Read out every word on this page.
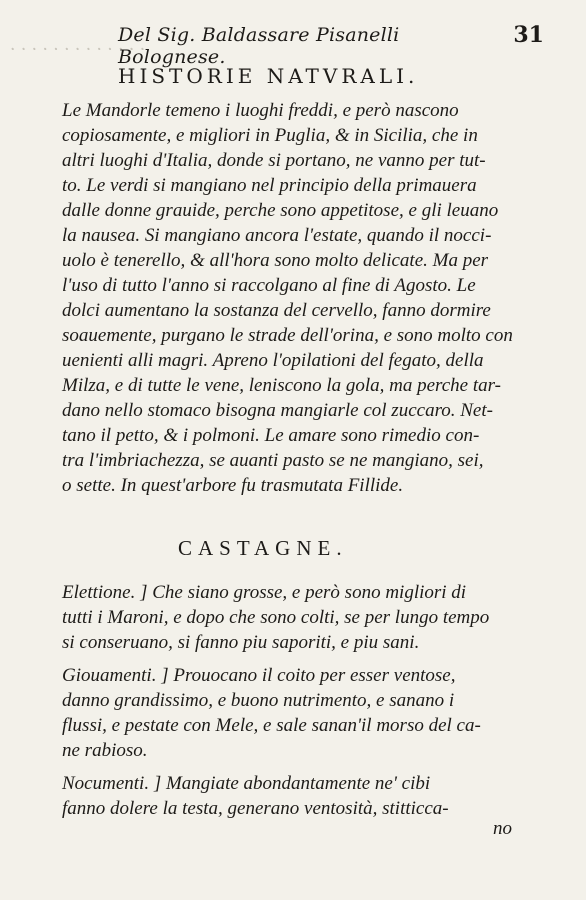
· · · · · · · · · · · · ·
Del Sig. Baldassare Pisanelli Bolognese.
31
HISTORIE NATVRALI.
Le Mandorle temeno i luoghi freddi, e però nascono
copiosamente, e migliori in Puglia, & in Sicilia, che in
altri luoghi d'Italia, donde si portano, ne vanno per tut-
to. Le verdi si mangiano nel principio della primauera
dalle donne grauide, perche sono appetitose, e gli leuano
la nausea. Si mangiano ancora l'estate, quando il nocci-
uolo è tenerello, & all'hora sono molto delicate. Ma per
l'uso di tutto l'anno si raccolgano al fine di Agosto. Le
dolci aumentano la sostanza del cervello, fanno dormire
soauemente, purgano le strade dell'orina, e sono molto con
uenienti alli magri. Apreno l'opilationi del fegato, della
Milza, e di tutte le vene, leniscono la gola, ma perche tar-
dano nello stomaco bisogna mangiarle col zuccaro. Net-
tano il petto, & i polmoni. Le amare sono rimedio con-
tra l'imbriachezza, se auanti pasto se ne mangiano, sei,
o sette. In quest'arbore fu trasmutata Fillide.
CASTAGNE.
Elettione. ] Che siano grosse, e però sono migliori di
tutti i Maroni, e dopo che sono colti, se per lungo tempo
si conseruano, si fanno piu saporiti, e piu sani.
Giouamenti. ] Prouocano il coito per esser ventose,
danno grandissimo, e buono nutrimento, e sanano i
flussi, e pestate con Mele, e sale sanan'il morso del ca-
ne rabioso.
Nocumenti. ] Mangiate abondantamente ne' cibi
fanno dolere la testa, generano ventosità, stitticca-
no
